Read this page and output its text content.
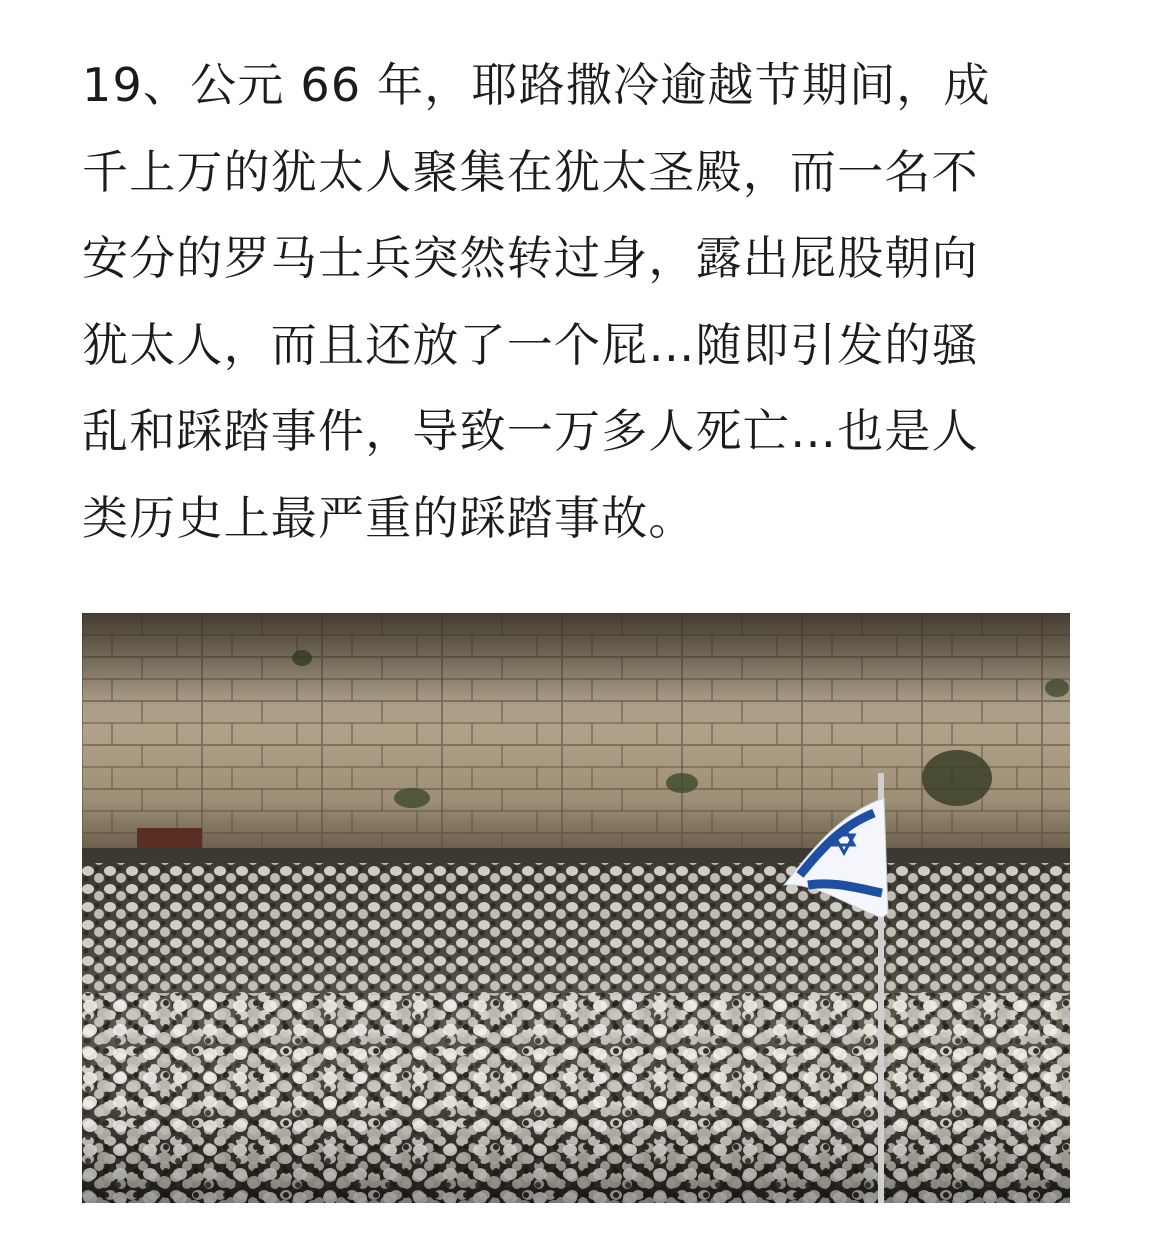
19、公元 66 年，耶路撒冷逾越节期间，成
千上万的犹太人聚集在犹太圣殿，而一名不
安分的罗马士兵突然转过身，露出屁股朝向
犹太人，而且还放了一个屁…随即引发的骚
乱和踩踏事件，导致一万多人死亡…也是人
类历史上最严重的踩踏事故。
